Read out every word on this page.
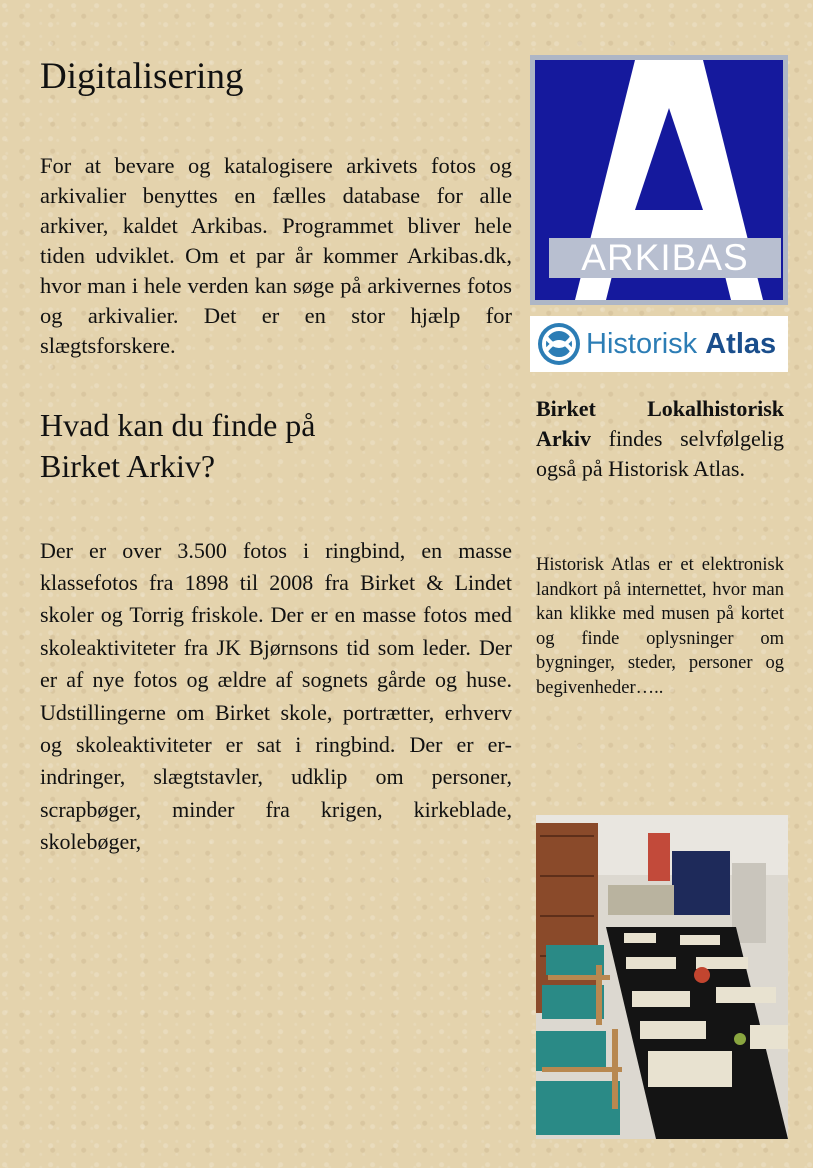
Digitalisering

For at bevare og katalogisere arkivets fotos og arkivalier benyttes en fælles database for alle arkiver, kaldet Arkibas. Programmet bliver hele tiden udviklet. Om et par år kommer Arkibas.dk, hvor man i hele verden kan søge på arkivernes fotos og arkivalier. Det er en stor hjælp for slægtsforskere.

Hvad kan du finde på
Birket Arkiv?

Der er over 3.500 fotos i ringbind, en masse klassefotos fra 1898 til 2008 fra Birket & Lindet skoler og Torrig friskole. Der er en masse fotos med skoleaktiviteter fra JK Bjørnsons tid som leder. Der er af nye fotos og ældre af sognets gårde og huse. Udstillingerne om Birket skole, portrætter, erhverv og skoleaktiviteter er sat i ringbind. Der er erindringer, slægtstavler, udklip om personer, scrapbøger, minder fra krigen, kirkeblade, skolebøger,

ARKIBAS
Historisk Atlas

Birket Lokalhistorisk Arkiv findes selvfølgelig også på Historisk Atlas.

Historisk Atlas er et elektronisk landkort på internettet, hvor man kan klikke med musen på kortet og finde oplysninger om bygninger, steder, personer og begivenheder…..
